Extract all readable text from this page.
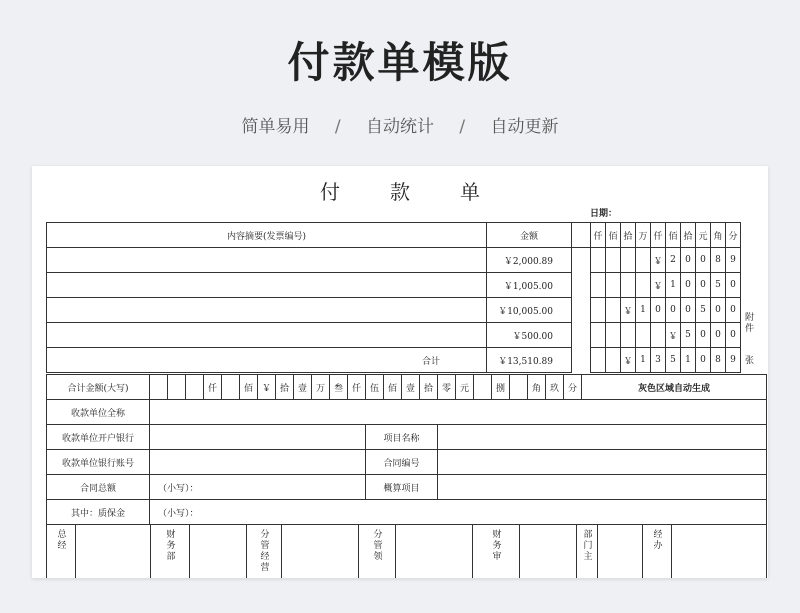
付款单模版
简单易用 / 自动统计 / 自动更新
付款单
日期：
内容摘要(发票编号)	金额		仟	佰	拾	万	仟	佰	拾	元	角	分
	￥2,000.89						￥	2	0	0	8	9
	￥1,005.00						￥	1	0	0	5	0
	￥10,005.00				￥	1	0	0	0	5	0	0
	￥500.00							￥	5	0	0	0
合计	￥13,510.89				￥	1	3	5	1	0	8	9
附
件
张
合计金额(大写)				仟		佰	￥	拾	壹	万	叁	仟	伍	佰	壹	拾	零	元		捌		角	玖	分	灰色区域自动生成
收款单位全称	
收款单位开户银行		项目名称	
收款单位银行账号		合同编号	
合同总额	（小写）：	概算项目	
其中：质保金	（小写）：

总经		财务部		分管经营		分管领		财务审		部门主		经办	
